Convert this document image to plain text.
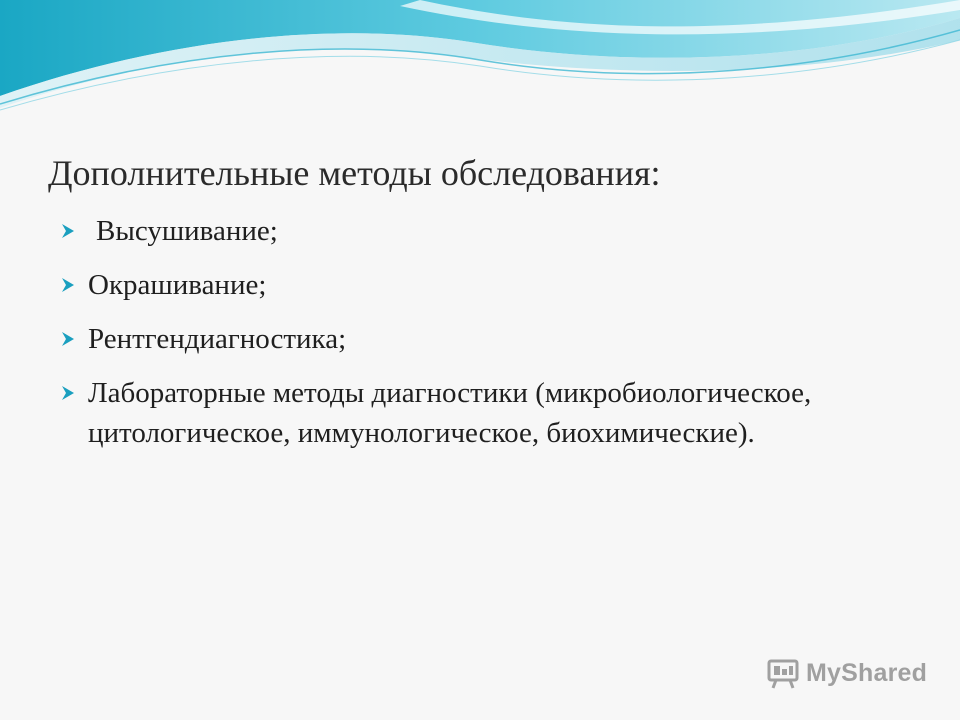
Дополнительные методы обследования:
Высушивание;
Окрашивание;
Рентгендиагностика;
Лабораторные методы диагностики (микробиологическое, цитологическое, иммунологическое, биохимические).
MyShared
